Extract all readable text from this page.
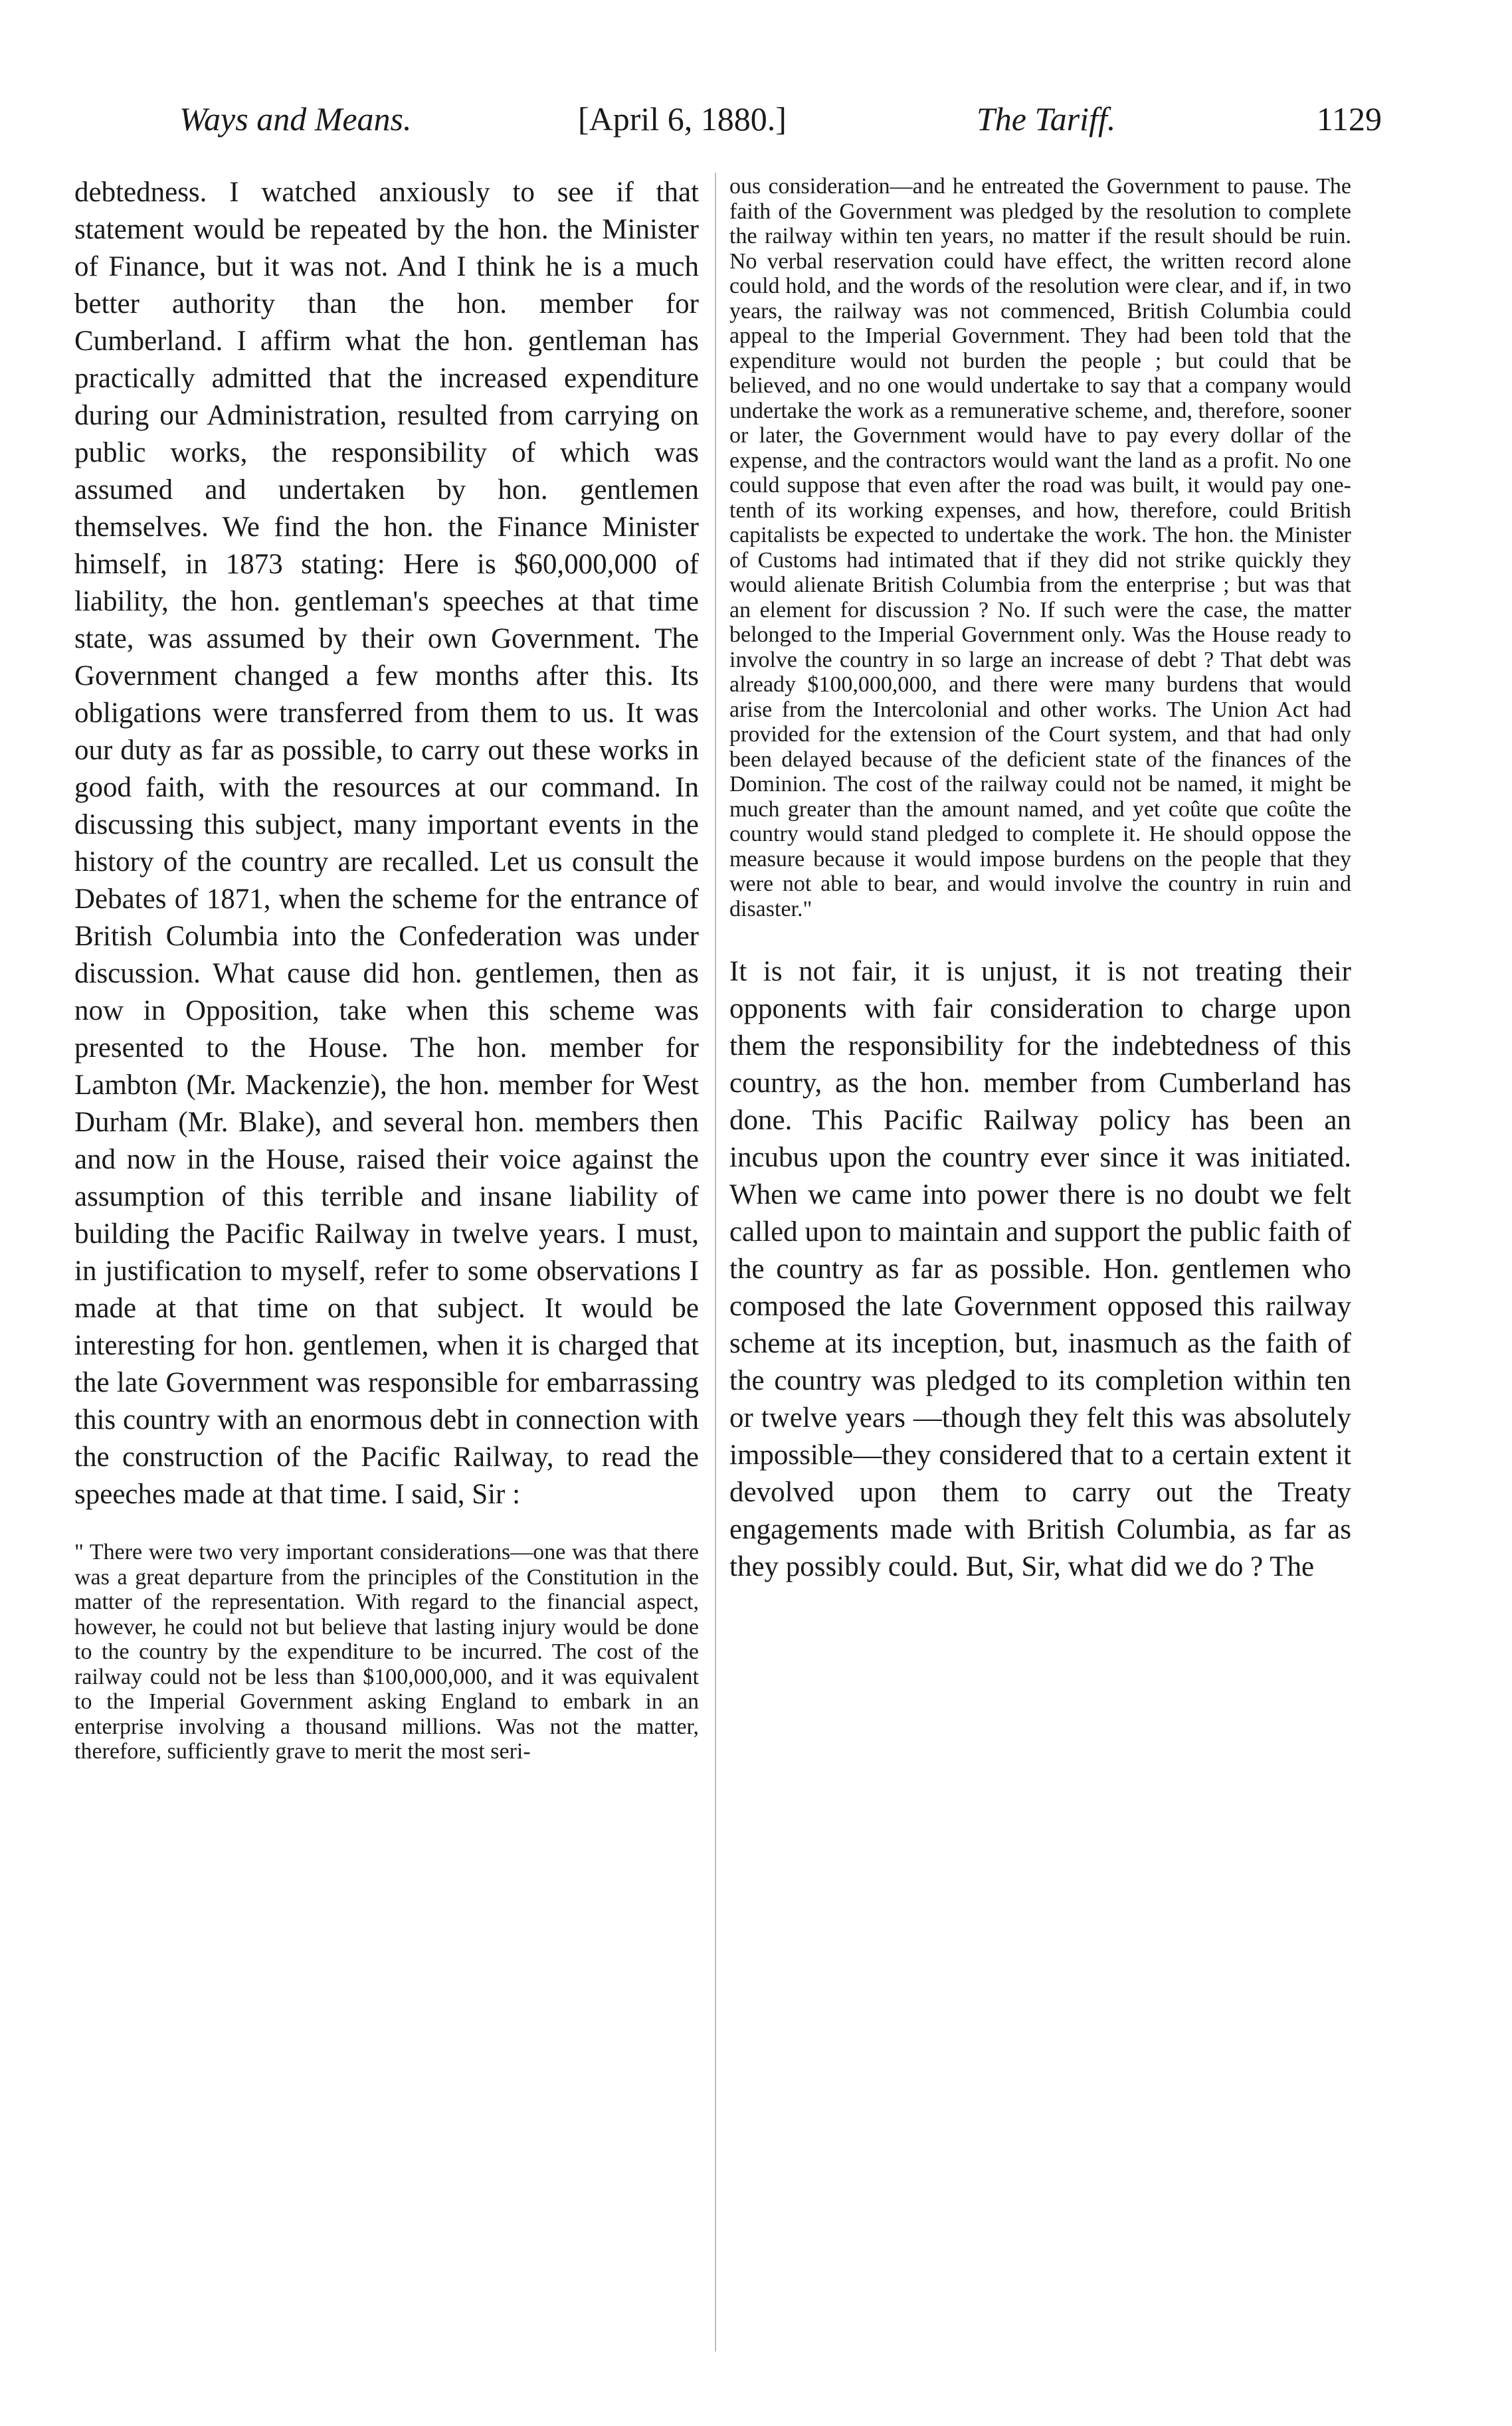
Ways and Means.	[April 6, 1880.]	The Tariff.	1129

debtedness. I watched anxiously to see if that statement would be repeated by the hon. the Minister of Finance, but it was not. And I think he is a much better authority than the hon. member for Cumberland. I affirm what the hon. gentleman has practically admitted that the increased expenditure during our Administration, resulted from carrying on public works, the responsibility of which was assumed and undertaken by hon. gentlemen themselves. We find the hon. the Finance Minister himself, in 1873 stating: Here is $60,000,000 of liability, the hon. gentleman's speeches at that time state, was assumed by their own Government. The Government changed a few months after this. Its obligations were transferred from them to us. It was our duty as far as possible, to carry out these works in good faith, with the resources at our command. In discussing this subject, many important events in the history of the country are recalled. Let us consult the Debates of 1871, when the scheme for the entrance of British Columbia into the Confederation was under discussion. What cause did hon. gentlemen, then as now in Opposition, take when this scheme was presented to the House. The hon. member for Lambton (Mr. Mackenzie), the hon. member for West Durham (Mr. Blake), and several hon. members then and now in the House, raised their voice against the assumption of this terrible and insane liability of building the Pacific Railway in twelve years. I must, in justification to myself, refer to some observations I made at that time on that subject. It would be interesting for hon. gentlemen, when it is charged that the late Government was responsible for embarrassing this country with an enormous debt in connection with the construction of the Pacific Railway, to read the speeches made at that time. I said, Sir :

" There were two very important considerations—one was that there was a great departure from the principles of the Constitution in the matter of the representation. With regard to the financial aspect, however, he could not but believe that lasting injury would be done to the country by the expenditure to be incurred. The cost of the railway could not be less than $100,000,000, and it was equivalent to the Imperial Government asking England to embark in an enterprise involving a thousand millions. Was not the matter, therefore, sufficiently grave to merit the most seri-

ous consideration—and he entreated the Government to pause. The faith of the Government was pledged by the resolution to complete the railway within ten years, no matter if the result should be ruin. No verbal reservation could have effect, the written record alone could hold, and the words of the resolution were clear, and if, in two years, the railway was not commenced, British Columbia could appeal to the Imperial Government. They had been told that the expenditure would not burden the people ; but could that be believed, and no one would undertake to say that a company would undertake the work as a remunerative scheme, and, therefore, sooner or later, the Government would have to pay every dollar of the expense, and the contractors would want the land as a profit. No one could suppose that even after the road was built, it would pay one-tenth of its working expenses, and how, therefore, could British capitalists be expected to undertake the work. The hon. the Minister of Customs had intimated that if they did not strike quickly they would alienate British Columbia from the enterprise ; but was that an element for discussion ? No. If such were the case, the matter belonged to the Imperial Government only. Was the House ready to involve the country in so large an increase of debt ? That debt was already $100,000,000, and there were many burdens that would arise from the Intercolonial and other works. The Union Act had provided for the extension of the Court system, and that had only been delayed because of the deficient state of the finances of the Dominion. The cost of the railway could not be named, it might be much greater than the amount named, and yet coûte que coûte the country would stand pledged to complete it. He should oppose the measure because it would impose burdens on the people that they were not able to bear, and would involve the country in ruin and disaster."

It is not fair, it is unjust, it is not treating their opponents with fair consideration to charge upon them the responsibility for the indebtedness of this country, as the hon. member from Cumberland has done. This Pacific Railway policy has been an incubus upon the country ever since it was initiated. When we came into power there is no doubt we felt called upon to maintain and support the public faith of the country as far as possible. Hon. gentlemen who composed the late Government opposed this railway scheme at its inception, but, inasmuch as the faith of the country was pledged to its completion within ten or twelve years —though they felt this was absolutely impossible—they considered that to a certain extent it devolved upon them to carry out the Treaty engagements made with British Columbia, as far as they possibly could. But, Sir, what did we do ? The
